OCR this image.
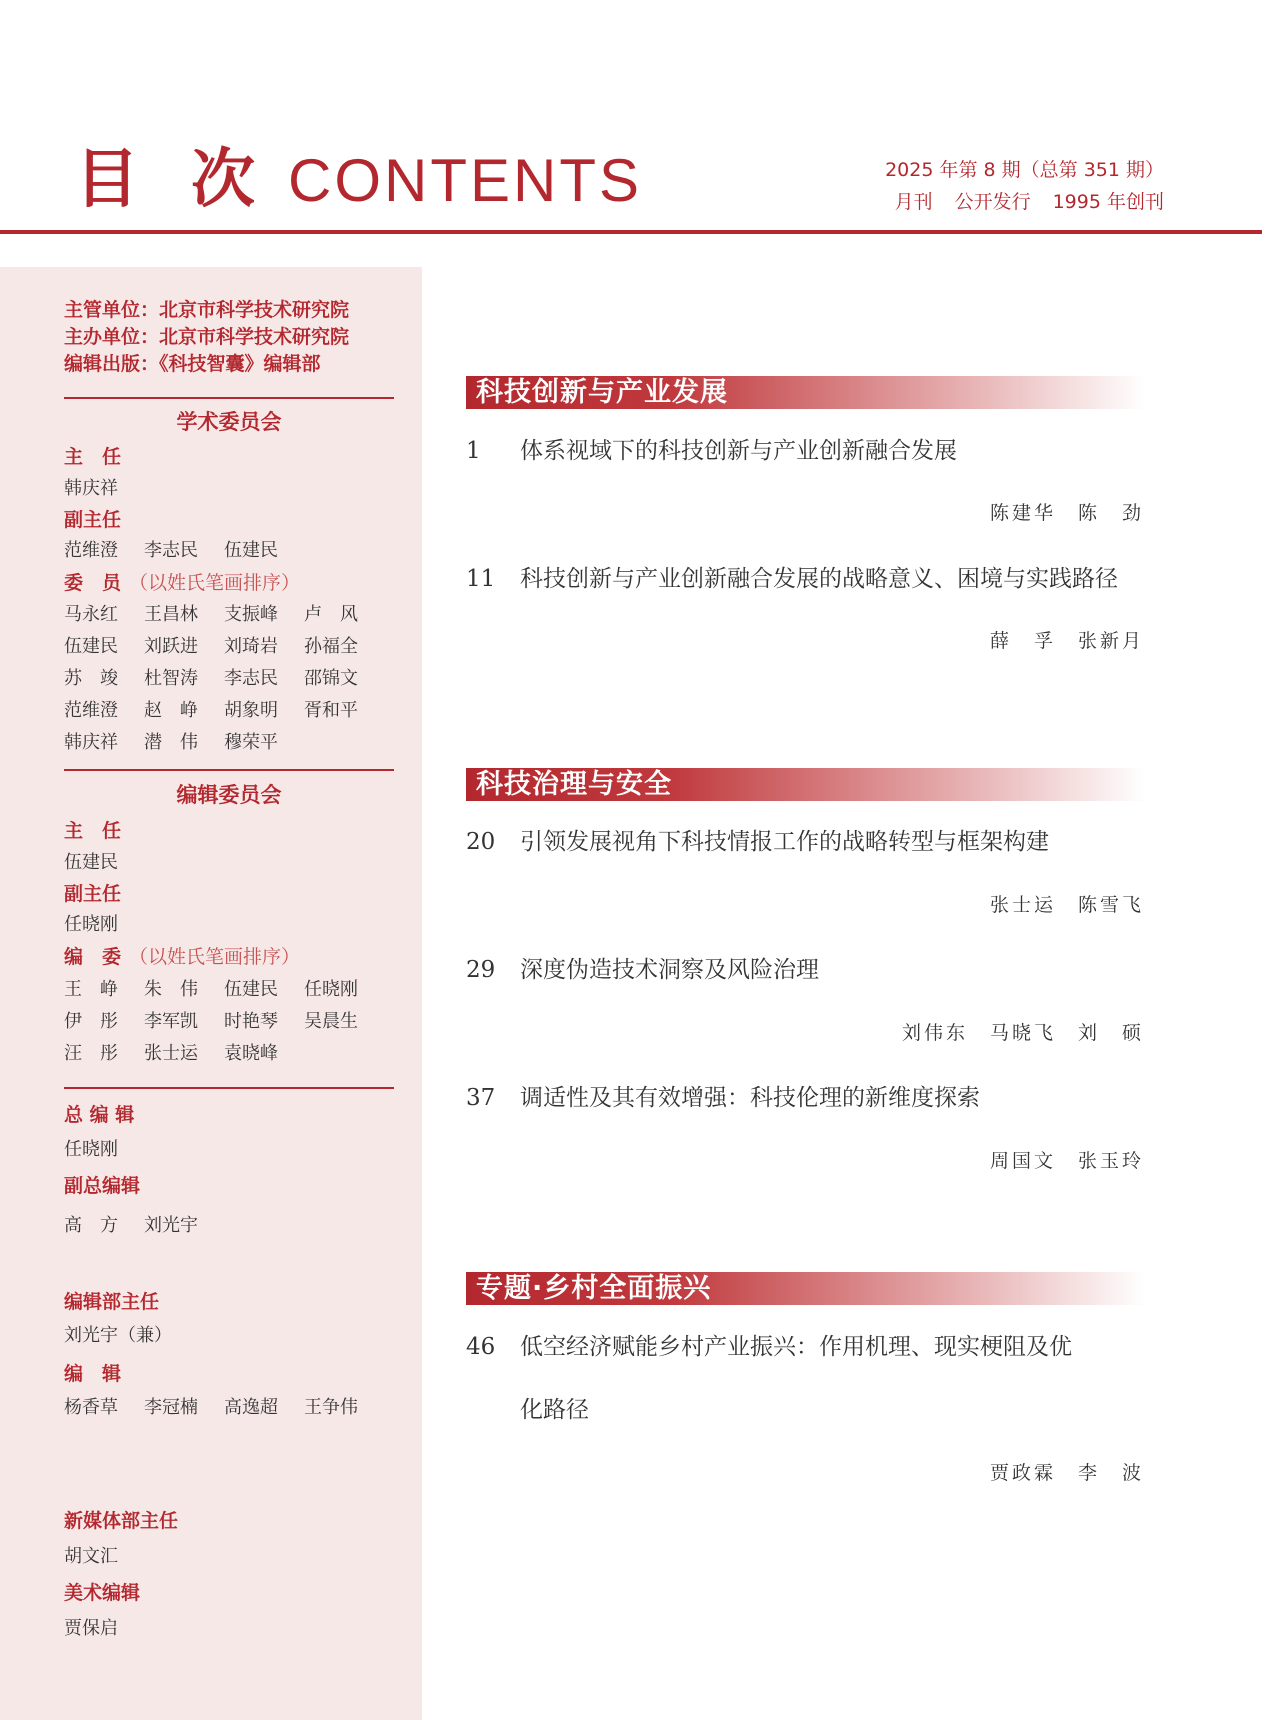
目次
CONTENTS	2025 年第 8 期（总第 351 期）
月刊 公开发行 1995 年创刊
主管单位：北京市科学技术研究院
主办单位：北京市科学技术研究院
编辑出版：《科技智囊》编辑部
学术委员会
主　任
韩庆祥
副主任
范维澄 李志民 伍建民
委　员 （以姓氏笔画排序）
马永红 王昌林 支振峰 卢　风
伍建民 刘跃进 刘琦岩 孙福全
苏　竣 杜智涛 李志民 邵锦文
范维澄 赵　峥 胡象明 胥和平
韩庆祥 潜　伟 穆荣平
编辑委员会
主　任
伍建民
副主任
任晓刚
编　委 （以姓氏笔画排序）
王　峥 朱　伟 伍建民 任晓刚
伊　彤 李军凯 时艳琴 吴晨生
汪　彤 张士运 袁晓峰
总 编 辑
任晓刚
副总编辑
高　方 刘光宇
编辑部主任
刘光宇（兼）
编　辑
杨香草 李冠楠 高逸超 王争伟
新媒体部主任
胡文汇
美术编辑
贾保启
科技创新与产业发展
1	体系视域下的科技创新与产业创新融合发展
陈建华 陈　劲
11	科技创新与产业创新融合发展的战略意义、困境与实践路径
薛　孚 张新月
科技治理与安全
20	引领发展视角下科技情报工作的战略转型与框架构建
张士运 陈雪飞
29	深度伪造技术洞察及风险治理
刘伟东 马晓飞 刘　硕
37	调适性及其有效增强：科技伦理的新维度探索
周国文 张玉玲
专题·乡村全面振兴
46	低空经济赋能乡村产业振兴：作用机理、现实梗阻及优
化路径
贾政霖 李　波
